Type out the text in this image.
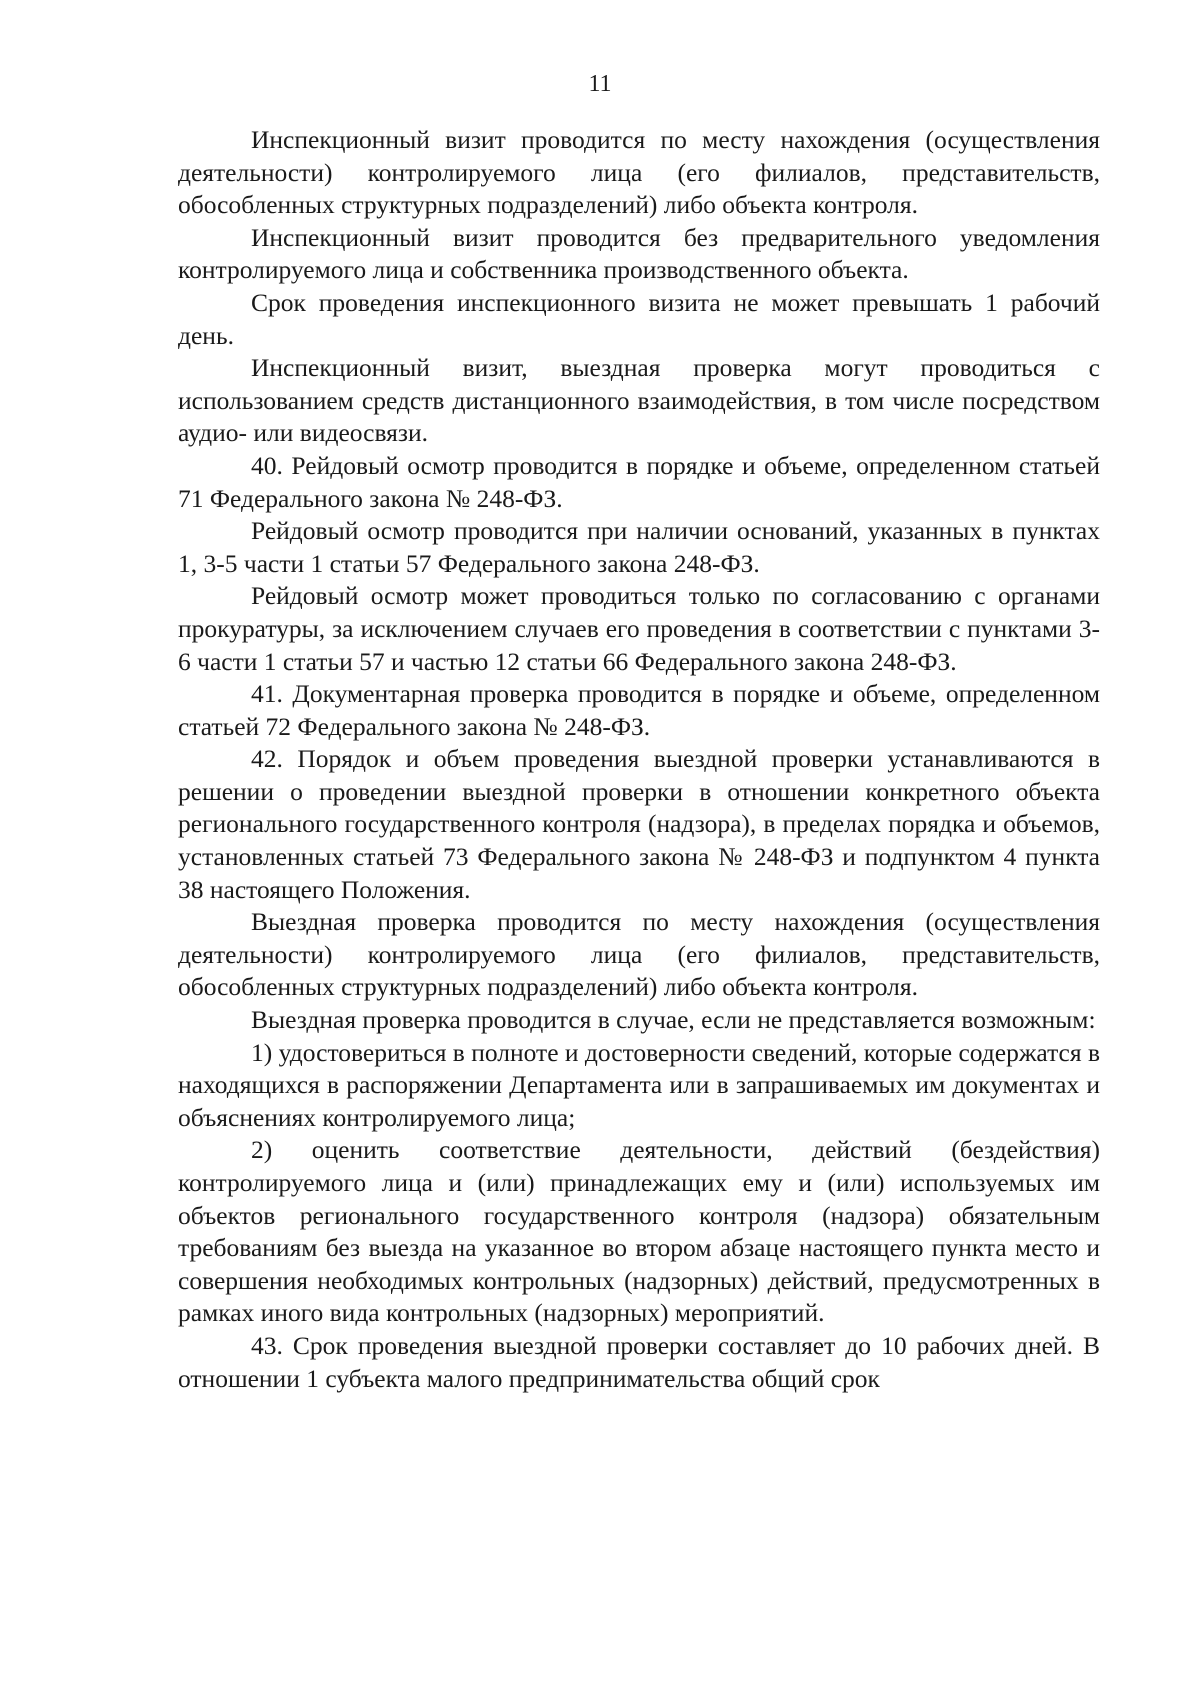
11

Инспекционный визит проводится по месту нахождения (осуществления деятельности) контролируемого лица (его филиалов, представительств, обособленных структурных подразделений) либо объекта контроля.

Инспекционный визит проводится без предварительного уведомления контролируемого лица и собственника производственного объекта.

Срок проведения инспекционного визита не может превышать 1 рабочий день.

Инспекционный визит, выездная проверка могут проводиться с использованием средств дистанционного взаимодействия, в том числе посредством аудио- или видеосвязи.

40. Рейдовый осмотр проводится в порядке и объеме, определенном статьей 71 Федерального закона № 248-ФЗ.

Рейдовый осмотр проводится при наличии оснований, указанных в пунктах 1, 3-5 части 1 статьи 57 Федерального закона 248-ФЗ.

Рейдовый осмотр может проводиться только по согласованию с органами прокуратуры, за исключением случаев его проведения в соответствии с пунктами 3-6 части 1 статьи 57 и частью 12 статьи 66 Федерального закона 248-ФЗ.

41. Документарная проверка проводится в порядке и объеме, определенном статьей 72 Федерального закона № 248-ФЗ.

42. Порядок и объем проведения выездной проверки устанавливаются в решении о проведении выездной проверки в отношении конкретного объекта регионального государственного контроля (надзора), в пределах порядка и объемов, установленных статьей 73 Федерального закона № 248-ФЗ и подпунктом 4 пункта 38 настоящего Положения.

Выездная проверка проводится по месту нахождения (осуществления деятельности) контролируемого лица (его филиалов, представительств, обособленных структурных подразделений) либо объекта контроля.

Выездная проверка проводится в случае, если не представляется возможным:

1) удостовериться в полноте и достоверности сведений, которые содержатся в находящихся в распоряжении Департамента или в запрашиваемых им документах и объяснениях контролируемого лица;

2) оценить соответствие деятельности, действий (бездействия) контролируемого лица и (или) принадлежащих ему и (или) используемых им объектов регионального государственного контроля (надзора) обязательным требованиям без выезда на указанное во втором абзаце настоящего пункта место и совершения необходимых контрольных (надзорных) действий, предусмотренных в рамках иного вида контрольных (надзорных) мероприятий.

43. Срок проведения выездной проверки составляет до 10 рабочих дней. В отношении 1 субъекта малого предпринимательства общий срок
